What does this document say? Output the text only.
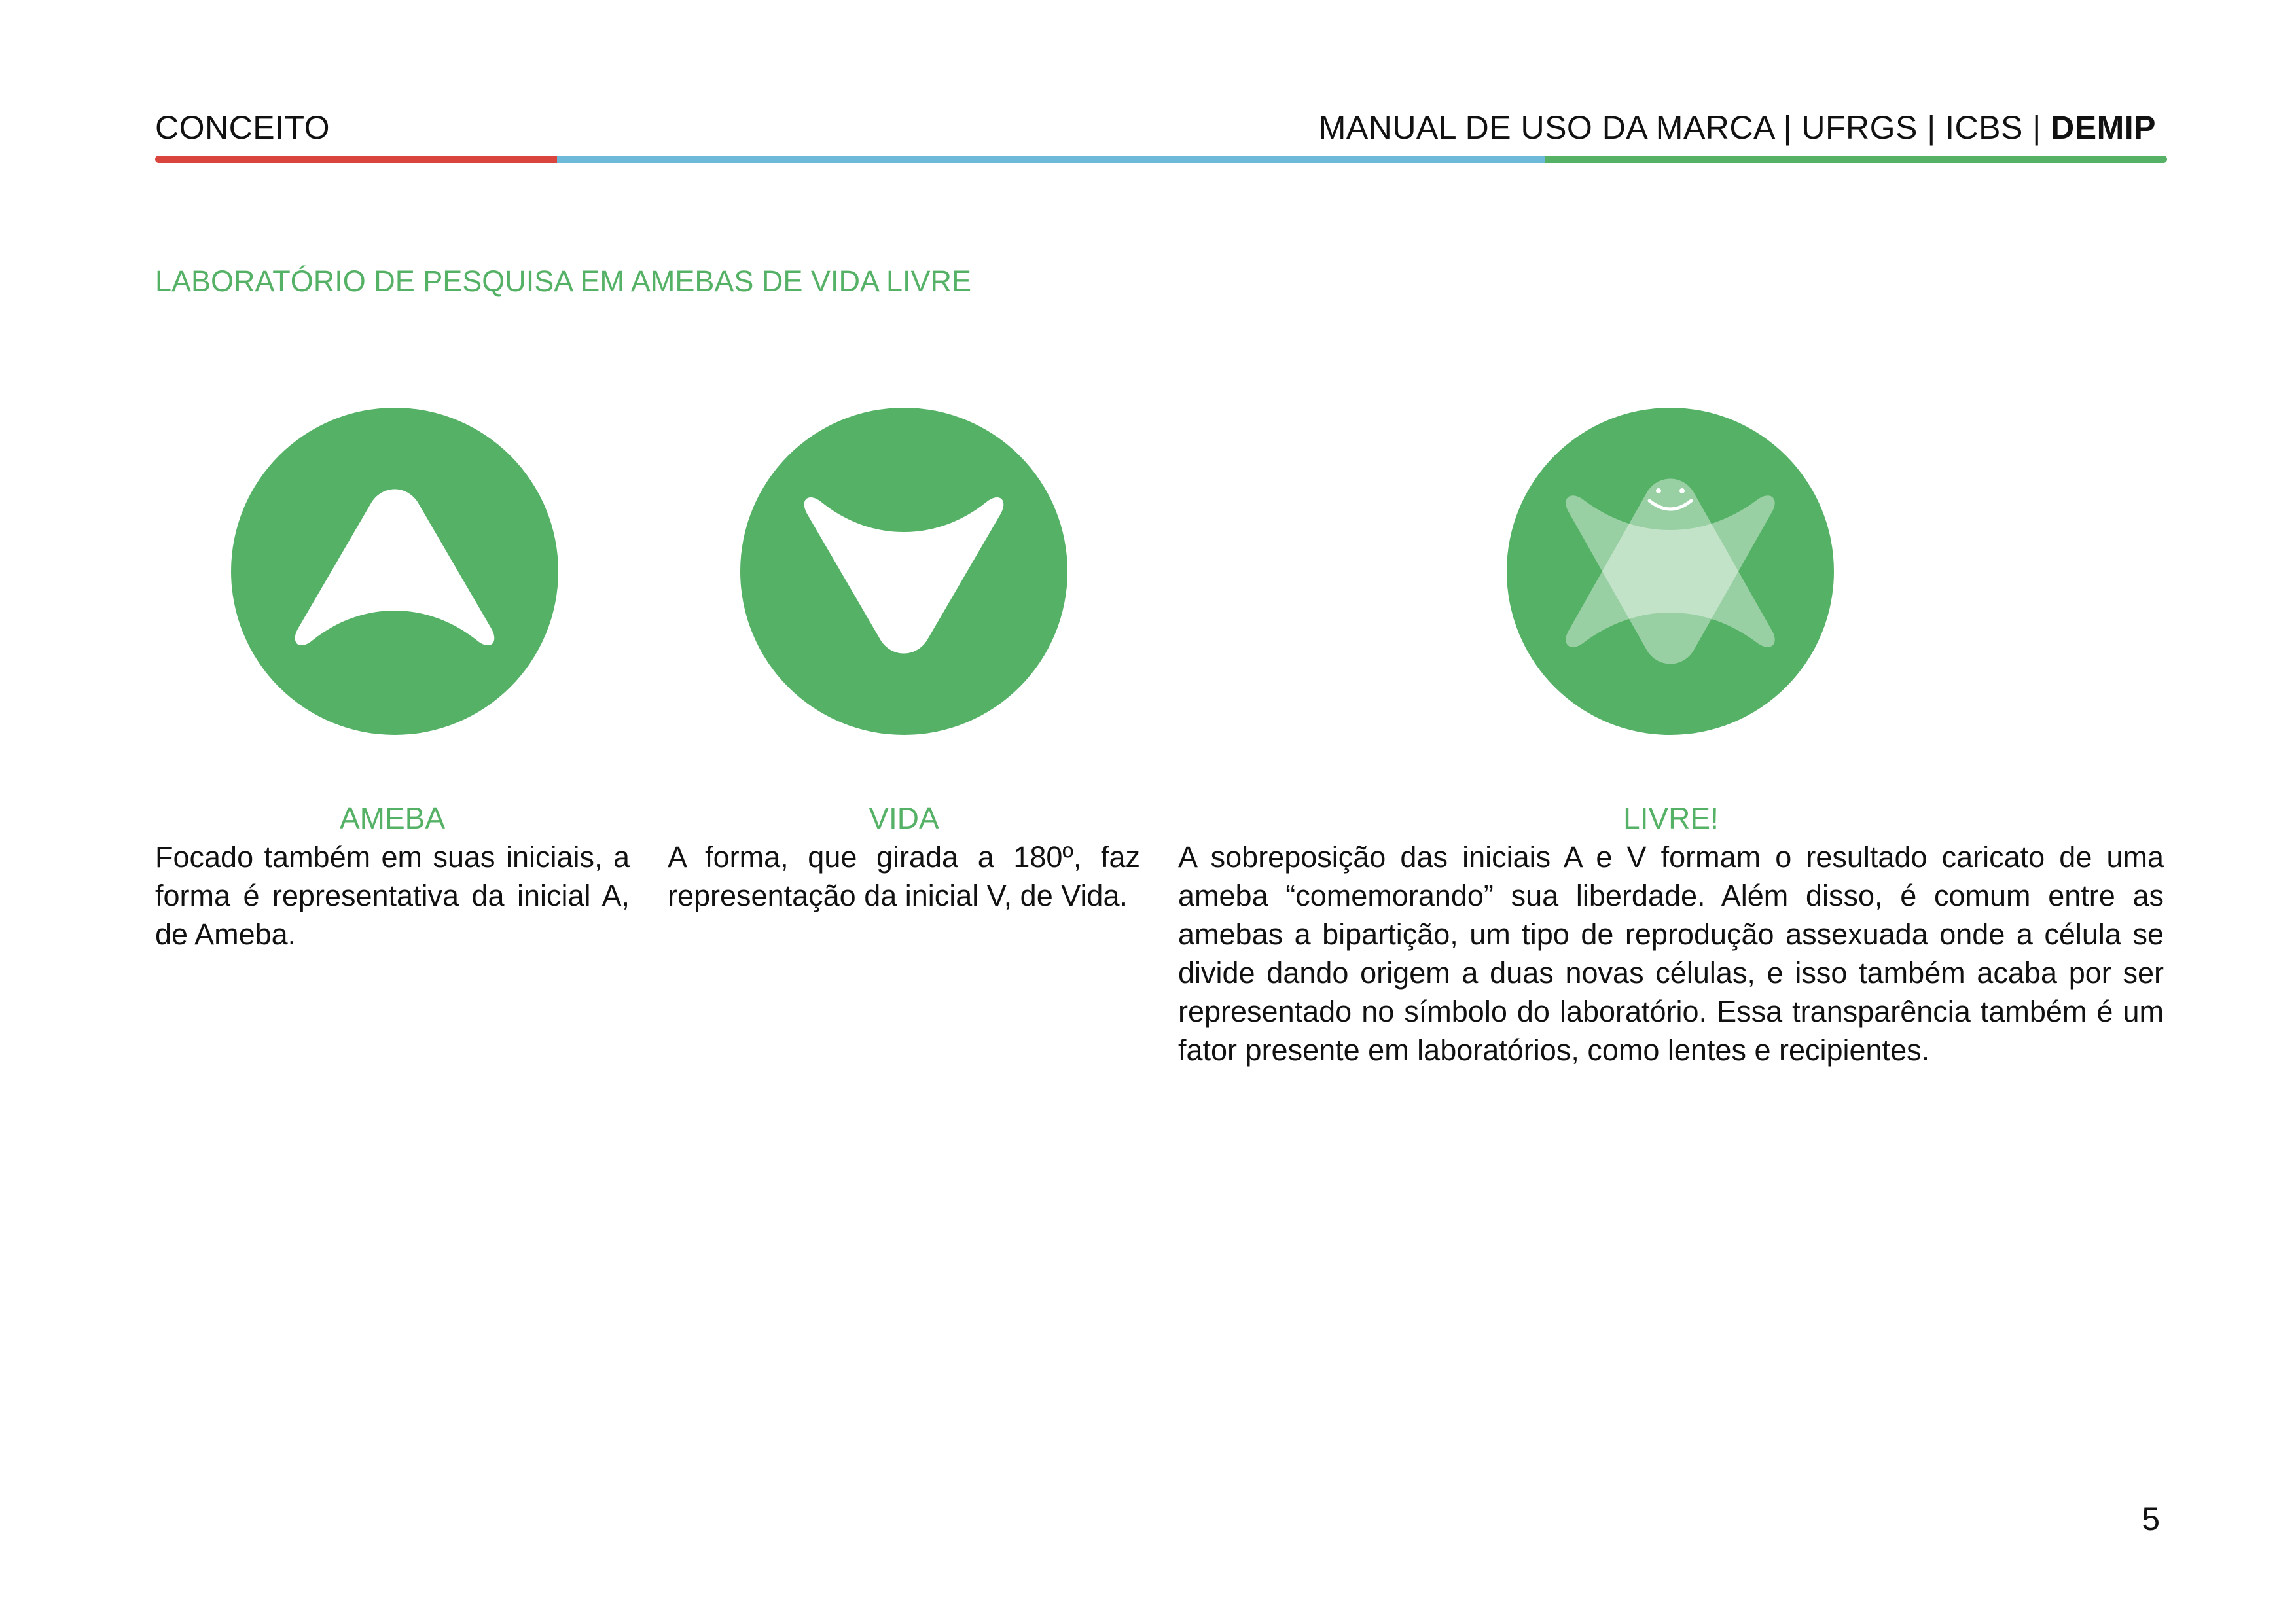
CONCEITO	MANUAL DE USO DA MARCA | UFRGS | ICBS | DEMIP
LABORATÓRIO DE PESQUISA EM AMEBAS DE VIDA LIVRE
AMEBA
Focado também em suas iniciais, a forma é representativa da inicial A, de Ameba.
VIDA
A forma, que girada a 180º, faz representação da inicial V, de Vida.
LIVRE!
A sobreposição das iniciais A e V formam o resultado caricato de uma ameba “comemorando” sua liberdade. Além disso, é comum entre as amebas a bipartição, um tipo de reprodução assexuada onde a célula se divide dando origem a duas novas células, e isso também acaba por ser representado no símbolo do laboratório. Essa transparência também é um fator presente em laboratórios, como lentes e recipientes.
5
